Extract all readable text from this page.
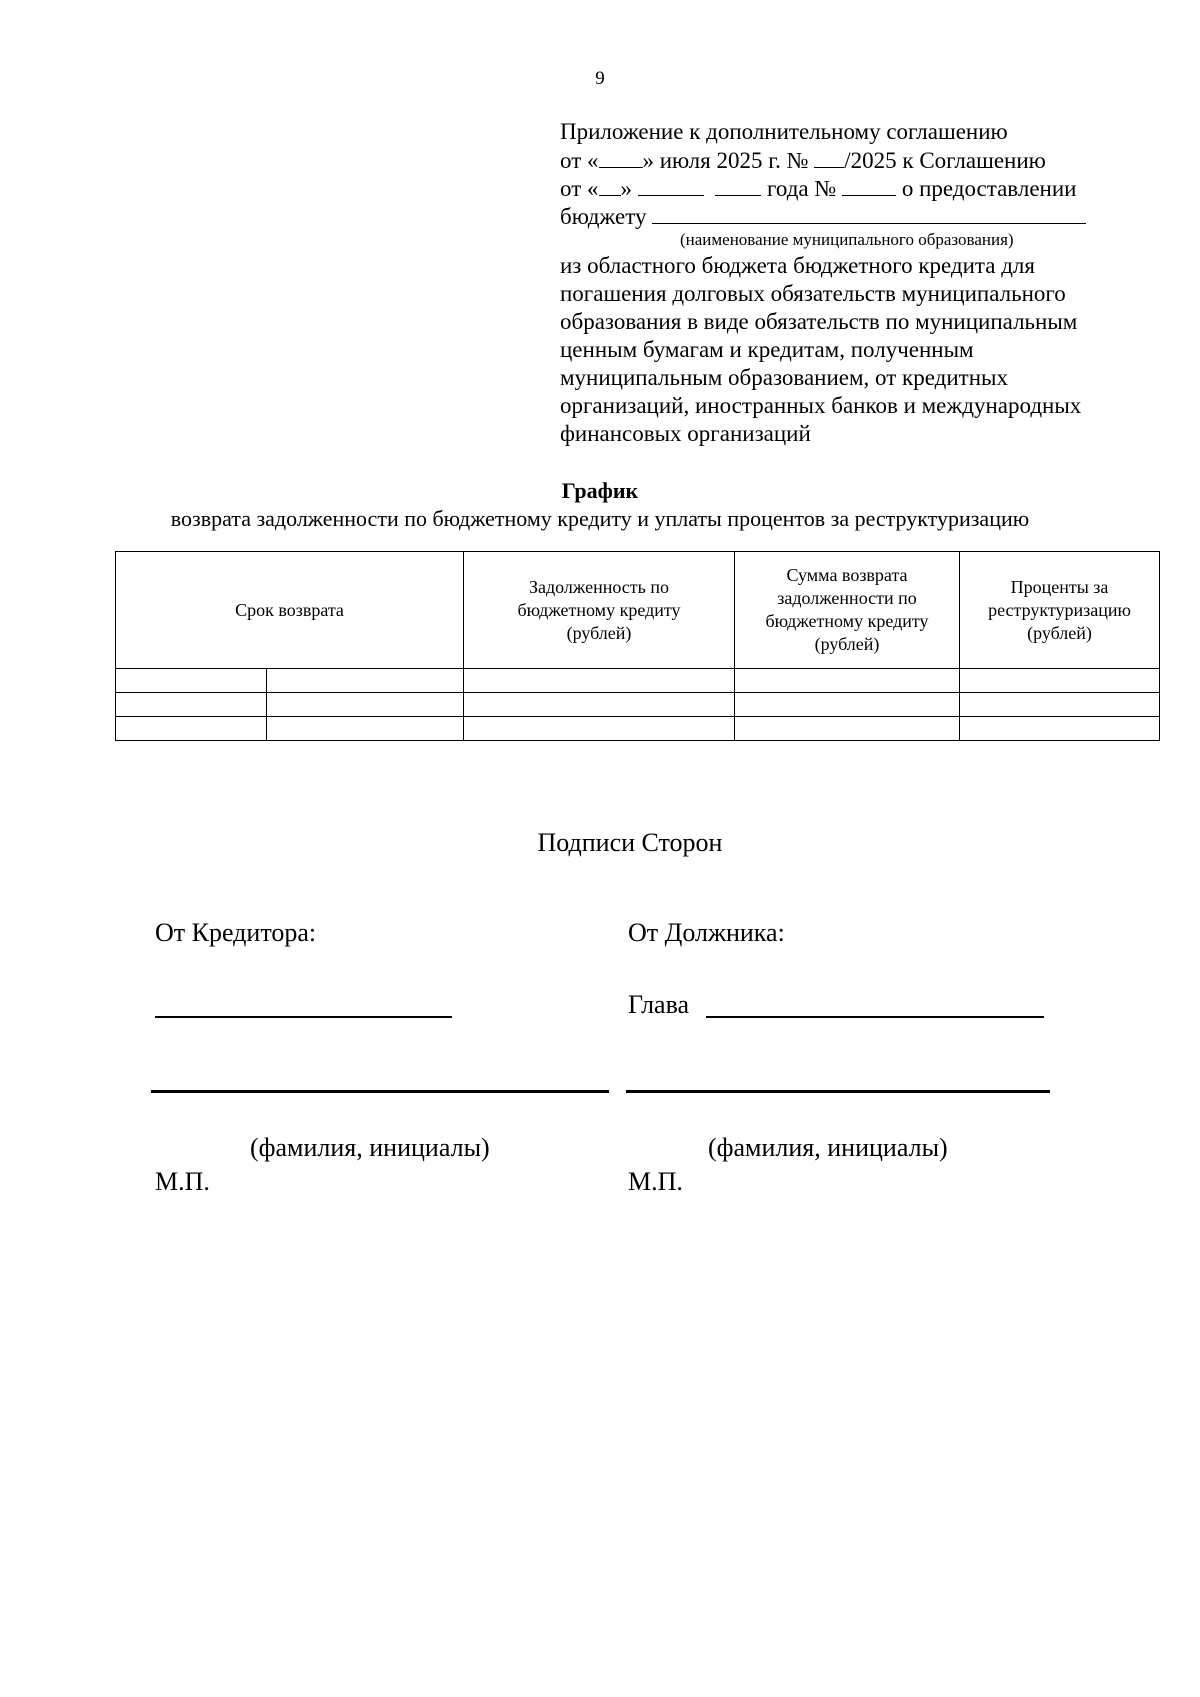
9
Приложение к дополнительному соглашению
от « » июля 2025 г. № /2025 к Соглашению
от « »	года №	о предоставлении
бюджету
(наименование муниципального образования)
из областного бюджета бюджетного кредита для
погашения долговых обязательств муниципального
образования в виде обязательств по муниципальным
ценным бумагам и кредитам, полученным
муниципальным образованием, от кредитных
организаций, иностранных банков и международных
финансовых организаций
График
возврата задолженности по бюджетному кредиту и уплаты процентов за реструктуризацию
Срок возврата		Задолженность по бюджетному кредиту (рублей)	Сумма возврата задолженности по бюджетному кредиту (рублей)	Проценты за реструктуризацию (рублей)

Подписи Сторон
От Кредитора:	От Должника:
Глава
(фамилия, инициалы)	(фамилия, инициалы)
М.П.	М.П.
